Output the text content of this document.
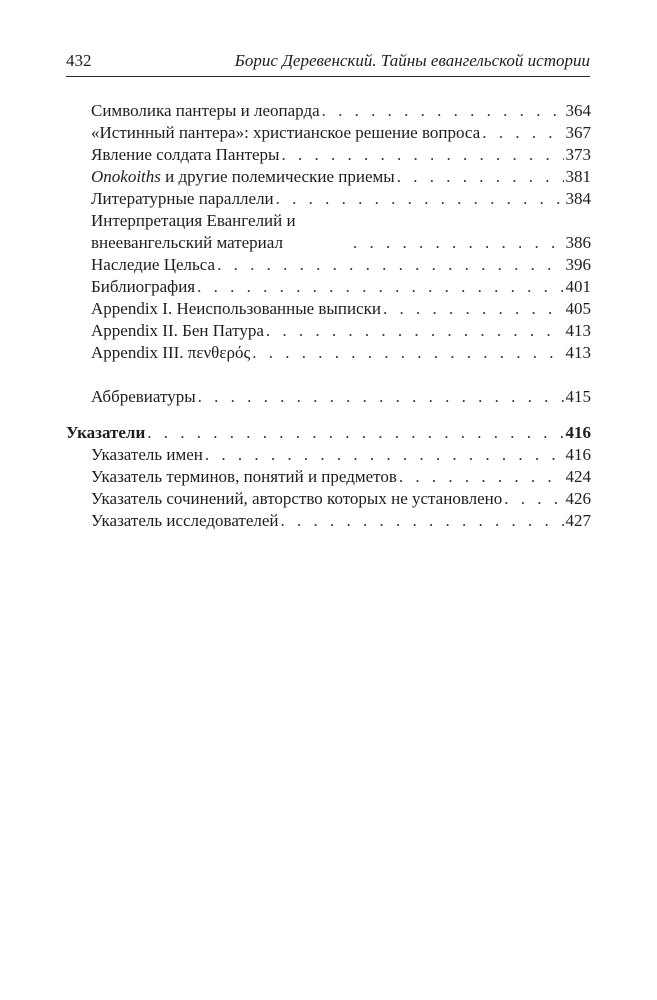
432	Борис Деревенский. Тайны евангельской истории
Символика пантеры и леопарда . . .	364
«Истинный пантера»: христианское решение вопроса . . .	367
Явление солдата Пантеры . . .	373
Onokoiths и другие полемические приемы . . .	381
Литературные параллели . . .	384
Интерпретация Евангелий и внеевангельский материал . . .	386
Наследие Цельса . . .	396
Библиография . . .	401
Appendix I. Неиспользованные выписки . . .	405
Appendix II. Бен Патура . . .	413
Appendix III. πενθερός . . .	413
Аббревиатуры . . .	415
Указатели . . .	416
Указатель имен . . .	416
Указатель терминов, понятий и предметов . . .	424
Указатель сочинений, авторство которых не установлено . . .	426
Указатель исследователей . . .	427
